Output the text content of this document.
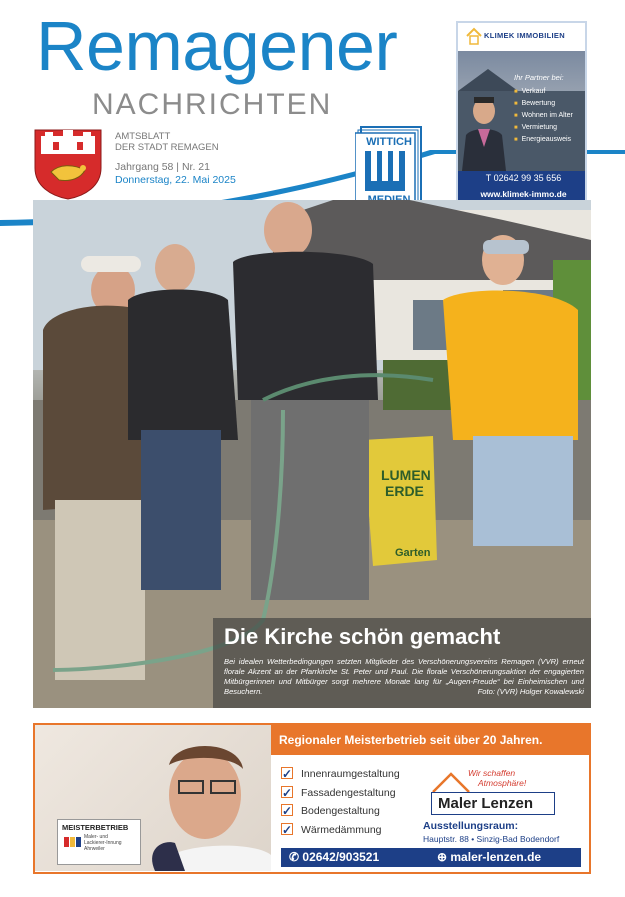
Remagener
NACHRICHTEN
AMTSBLATT
DER STADT REMAGEN
Jahrgang 58 | Nr. 21
Donnerstag, 22. Mai 2025
WITTICH
KLIMEK IMMOBILIEN
Ihr Partner bei:
■ Verkauf
■ Bewertung
■ Wohnen im Alter
■ Vermietung
■ Energieausweis
T 02642 99 35 656
www.klimek-immo.de
LUMEN
ERDE
Garten
Die Kirche schön gemacht
Bei idealen Wetterbedingungen setzten Mitglieder des Verschönerungsvereins Remagen (VVR) erneut florale Akzent an der Pfarrkirche St. Peter und Paul. Die florale Verschönerungsaktion der engagierten Mitbürgerinnen und Mitbürger sorgt mehrere Monate lang für „Augen-Freude“ bei Einheimischen und Besuchern.	Foto: (VVR) Holger Kowalewski
MEISTERBETRIEB
Maler- und
Lackierer-Innung
Ahrweiler
Regionaler Meisterbetrieb seit über 20 Jahren.
✓Innenraumgestaltung
✓Fassadengestaltung
✓Bodengestaltung
✓Wärmedämmung
Wir schaffen
Atmosphäre!
Maler Lenzen
Ausstellungsraum:
Hauptstr. 88 • Sinzig-Bad Bodendorf
✆ 02642/903521	⊕ maler-lenzen.de
